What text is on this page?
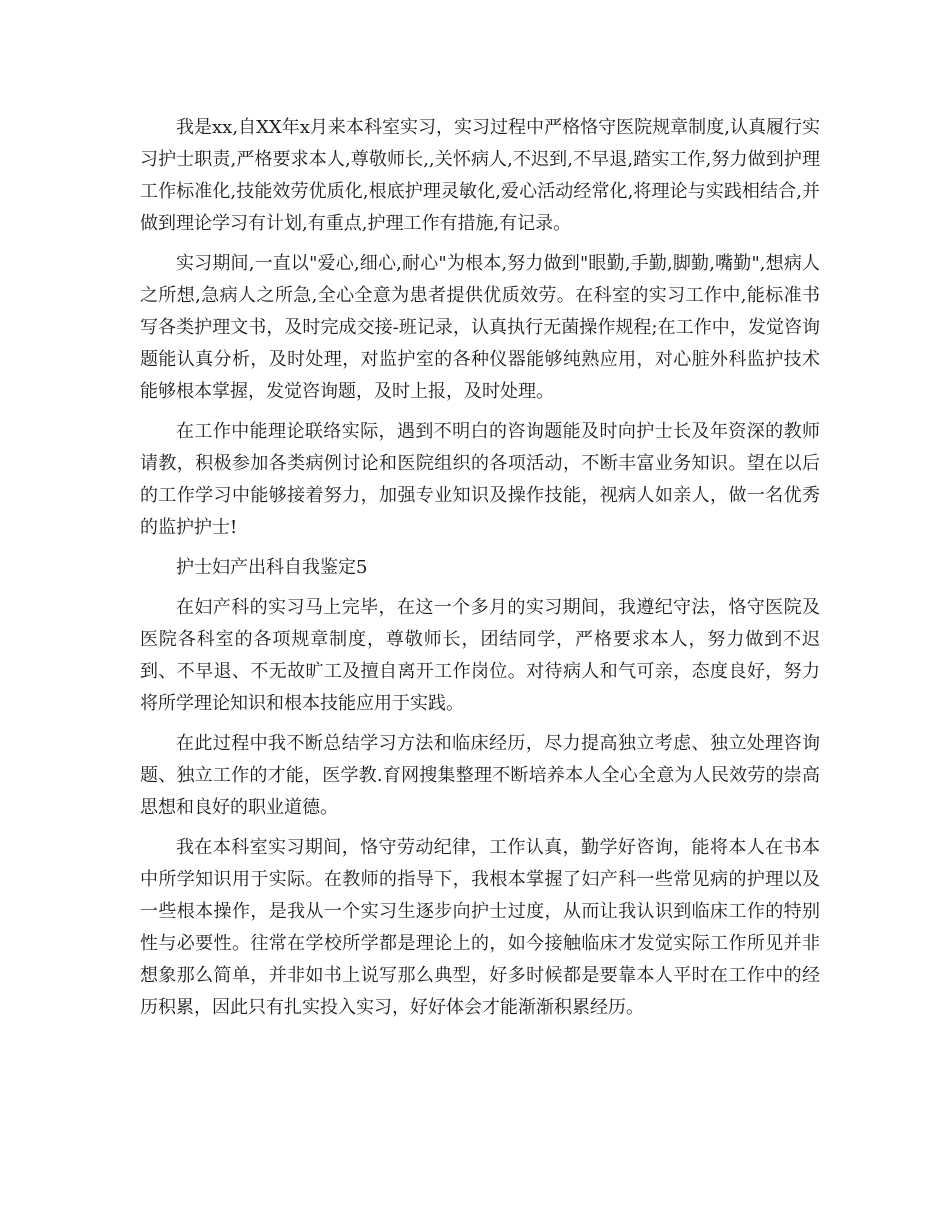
我是xx,自XX年x月来本科室实习，实习过程中严格恪守医院规章制度,认真履行实习护士职责,严格要求本人,尊敬师长,,关怀病人,不迟到,不早退,踏实工作,努力做到护理工作标准化,技能效劳优质化,根底护理灵敏化,爱心活动经常化,将理论与实践相结合,并做到理论学习有计划,有重点,护理工作有措施,有记录。

实习期间,一直以"爱心,细心,耐心"为根本,努力做到"眼勤,手勤,脚勤,嘴勤",想病人之所想,急病人之所急,全心全意为患者提供优质效劳。在科室的实习工作中,能标准书写各类护理文书，及时完成交接-班记录，认真执行无菌操作规程;在工作中，发觉咨询题能认真分析，及时处理，对监护室的各种仪器能够纯熟应用，对心脏外科监护技术能够根本掌握，发觉咨询题，及时上报，及时处理。

在工作中能理论联络实际，遇到不明白的咨询题能及时向护士长及年资深的教师请教，积极参加各类病例讨论和医院组织的各项活动，不断丰富业务知识。望在以后的工作学习中能够接着努力，加强专业知识及操作技能，视病人如亲人，做一名优秀的监护护士!

护士妇产出科自我鉴定5

在妇产科的实习马上完毕，在这一个多月的实习期间，我遵纪守法，恪守医院及医院各科室的各项规章制度，尊敬师长，团结同学，严格要求本人，努力做到不迟到、不早退、不无故旷工及擅自离开工作岗位。对待病人和气可亲，态度良好，努力将所学理论知识和根本技能应用于实践。

在此过程中我不断总结学习方法和临床经历，尽力提高独立考虑、独立处理咨询题、独立工作的才能，医学教.育网搜集整理不断培养本人全心全意为人民效劳的崇高思想和良好的职业道德。

我在本科室实习期间，恪守劳动纪律，工作认真，勤学好咨询，能将本人在书本中所学知识用于实际。在教师的指导下，我根本掌握了妇产科一些常见病的护理以及一些根本操作，是我从一个实习生逐步向护士过度，从而让我认识到临床工作的特别性与必要性。往常在学校所学都是理论上的，如今接触临床才发觉实际工作所见并非想象那么简单，并非如书上说写那么典型，好多时候都是要靠本人平时在工作中的经历积累，因此只有扎实投入实习，好好体会才能渐渐积累经历。
